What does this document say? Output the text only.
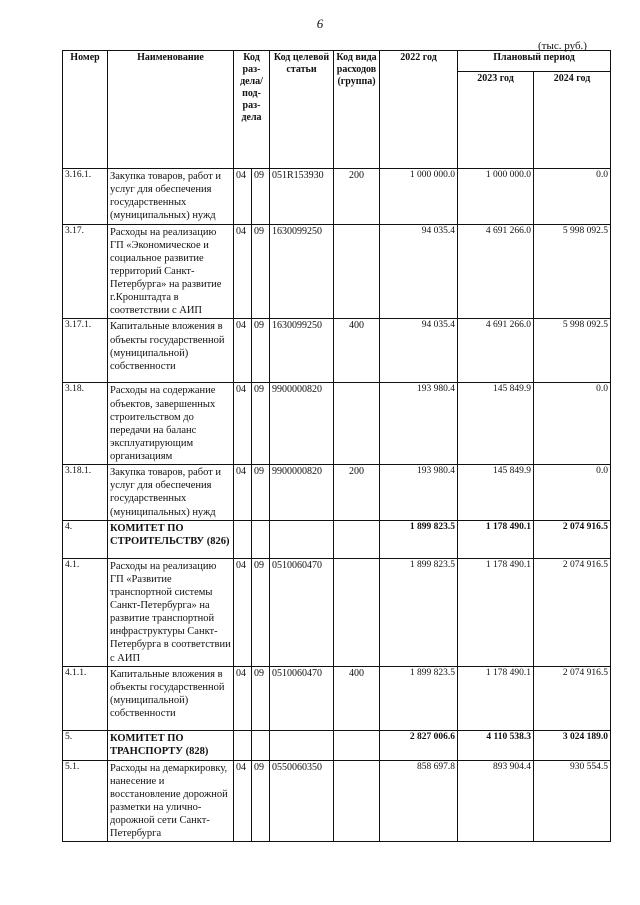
6
(тыс. руб.)
Номер	Наименование	Код раз-дела/ под-раз-дела		Код целевой статьи	Код вида расходов (группа)	2022 год	Плановый период	
							2023 год	2024 год
3.16.1.	Закупка товаров, работ и услуг для обеспечения государственных (муниципальных) нужд	04	09	051R153930	200	1 000 000.0	1 000 000.0	0.0
3.17.	Расходы на реализацию ГП «Экономическое и социальное развитие территорий Санкт-Петербурга» на развитие г.Кронштадта в соответствии с АИП	04	09	1630099250		94 035.4	4 691 266.0	5 998 092.5
3.17.1.	Капитальные вложения в объекты государственной (муниципальной) собственности	04	09	1630099250	400	94 035.4	4 691 266.0	5 998 092.5
3.18.	Расходы на содержание объектов, завершенных строительством до передачи на баланс эксплуатирующим организациям	04	09	9900000820		193 980.4	145 849.9	0.0
3.18.1.	Закупка товаров, работ и услуг для обеспечения государственных (муниципальных) нужд	04	09	9900000820	200	193 980.4	145 849.9	0.0
4.	КОМИТЕТ ПО СТРОИТЕЛЬСТВУ (826)					1 899 823.5	1 178 490.1	2 074 916.5
4.1.	Расходы на реализацию ГП «Развитие транспортной системы Санкт-Петербурга» на развитие транспортной инфраструктуры Санкт-Петербурга в соответствии с АИП	04	09	0510060470		1 899 823.5	1 178 490.1	2 074 916.5
4.1.1.	Капитальные вложения в объекты государственной (муниципальной) собственности	04	09	0510060470	400	1 899 823.5	1 178 490.1	2 074 916.5
5.	КОМИТЕТ ПО ТРАНСПОРТУ (828)					2 827 006.6	4 110 538.3	3 024 189.0
5.1.	Расходы на демаркировку, нанесение и восстановление дорожной разметки на улично-дорожной сети Санкт-Петербурга	04	09	0550060350		858 697.8	893 904.4	930 554.5
